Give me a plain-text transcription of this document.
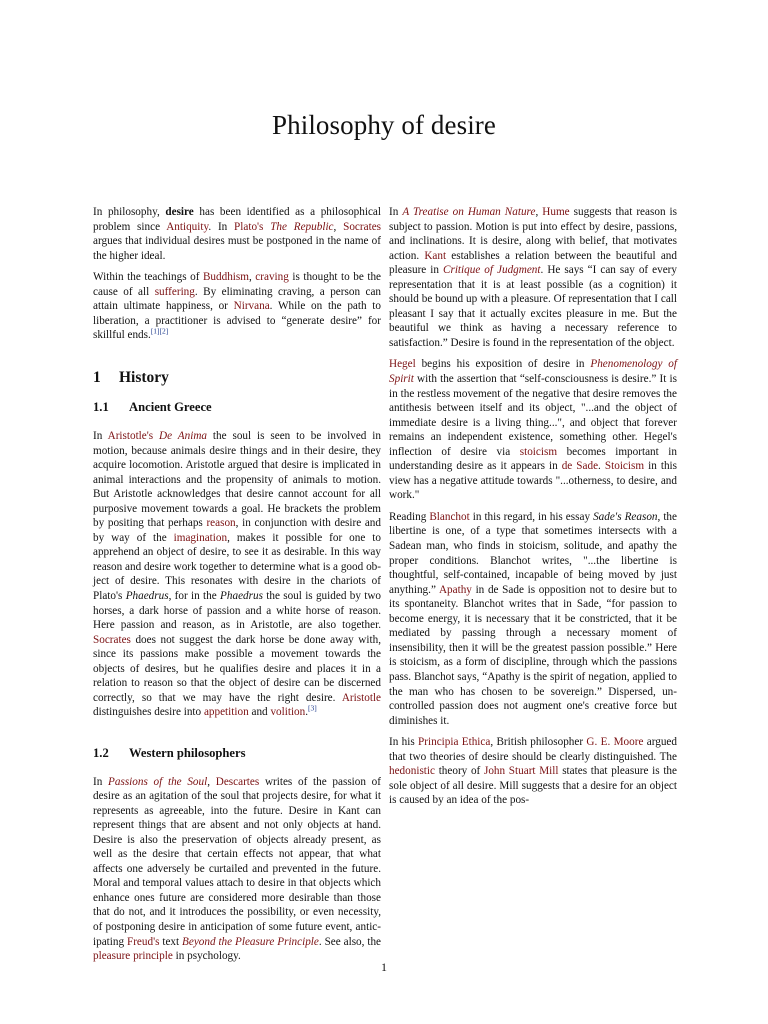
Philosophy of desire

In philosophy, desire has been identified as a philosophical problem since Antiquity. In Plato's The Republic, Socrates argues that individual desires must be postponed in the name of the higher ideal.

Within the teachings of Buddhism, craving is thought to be the cause of all suffering. By eliminating craving, a person can attain ultimate happiness, or Nirvana. While on the path to liberation, a practitioner is advised to “generate desire” for skillful ends.[1][2]

1 History
1.1 Ancient Greece

In Aristotle's De Anima the soul is seen to be involved in motion, because animals desire things and in their desire, they acquire locomotion. Aristotle argued that desire is implicated in animal interactions and the propensity of animals to motion. But Aristotle acknowledges that desire cannot account for all purposive movement towards a goal. He brackets the problem by positing that perhaps reason, in conjunction with desire and by way of the imagination, makes it possible for one to apprehend an object of desire, to see it as desirable. In this way reason and desire work together to determine what is a good object of desire. This resonates with desire in the chariots of Plato's Phaedrus, for in the Phaedrus the soul is guided by two horses, a dark horse of passion and a white horse of reason. Here passion and reason, as in Aristotle, are also together. Socrates does not suggest the dark horse be done away with, since its passions make possible a movement towards the objects of desires, but he qualifies desire and places it in a relation to reason so that the object of desire can be discerned correctly, so that we may have the right desire. Aristotle distinguishes desire into appetition and volition.[3]

1.2 Western philosophers

In Passions of the Soul, Descartes writes of the passion of desire as an agitation of the soul that projects desire, for what it represents as agreeable, into the future. Desire in Kant can represent things that are absent and not only objects at hand. Desire is also the preservation of objects already present, as well as the desire that certain effects not appear, that what affects one adversely be curtailed and prevented in the future. Moral and temporal values attach to desire in that objects which enhance ones future are considered more desirable than those that do not, and it introduces the possibility, or even necessity, of postponing desire in anticipation of some future event, anticipating Freud's text Beyond the Pleasure Principle. See also, the pleasure principle in psychology.

In A Treatise on Human Nature, Hume suggests that reason is subject to passion. Motion is put into effect by desire, passions, and inclinations. It is desire, along with belief, that motivates action. Kant establishes a relation between the beautiful and pleasure in Critique of Judgment. He says “I can say of every representation that it is at least possible (as a cognition) it should be bound up with a pleasure. Of representation that I call pleasant I say that it actually excites pleasure in me. But the beautiful we think as having a necessary reference to satisfaction.” Desire is found in the representation of the object.

Hegel begins his exposition of desire in Phenomenology of Spirit with the assertion that “self-consciousness is desire.” It is in the restless movement of the negative that desire removes the antithesis between itself and its object, "...and the object of immediate desire is a living thing...", and object that forever remains an independent existence, something other. Hegel's inflection of desire via stoicism becomes important in understanding desire as it appears in de Sade. Stoicism in this view has a negative attitude towards "...otherness, to desire, and work."

Reading Blanchot in this regard, in his essay Sade's Reason, the libertine is one, of a type that sometimes intersects with a Sadean man, who finds in stoicism, solitude, and apathy the proper conditions. Blanchot writes, "...the libertine is thoughtful, self-contained, incapable of being moved by just anything.” Apathy in de Sade is opposition not to desire but to its spontaneity. Blanchot writes that in Sade, “for passion to become energy, it is necessary that it be constricted, that it be mediated by passing through a necessary moment of insensibility, then it will be the greatest passion possible.” Here is stoicism, as a form of discipline, through which the passions pass. Blanchot says, “Apathy is the spirit of negation, applied to the man who has chosen to be sovereign.” Dispersed, uncontrolled passion does not augment one's creative force but diminishes it.

In his Principia Ethica, British philosopher G. E. Moore argued that two theories of desire should be clearly distinguished. The hedonistic theory of John Stuart Mill states that pleasure is the sole object of all desire. Mill suggests that a desire for an object is caused by an idea of the pos-

1
